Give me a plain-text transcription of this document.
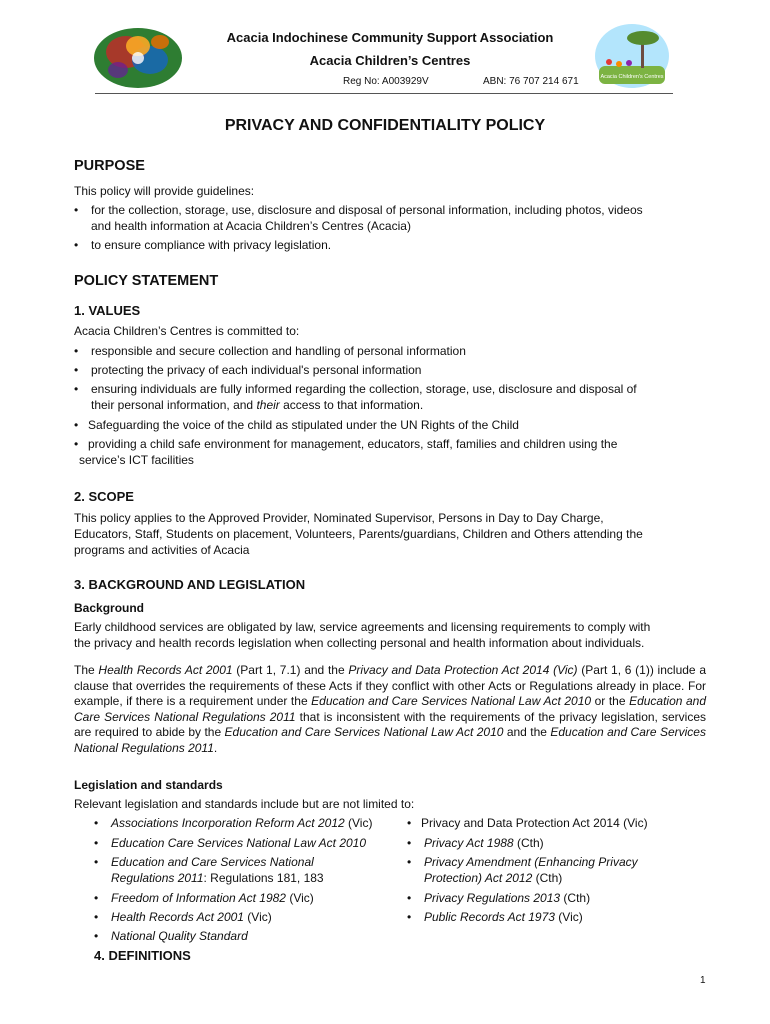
Acacia Indochinese Community Support Association
Acacia Children’s Centres
Reg No: A003929V	ABN: 76 707 214 671	Acacia Children's Centres
PRIVACY AND CONFIDENTIALITY POLICY
PURPOSE
This policy will provide guidelines:
• for the collection, storage, use, disclosure and disposal of personal information, including photos, videos
and health information at Acacia Children’s Centres (Acacia)
• to ensure compliance with privacy legislation.
POLICY STATEMENT
1. VALUES
Acacia Children’s Centres is committed to:
• responsible and secure collection and handling of personal information
• protecting the privacy of each individual's personal information
• ensuring individuals are fully informed regarding the collection, storage, use, disclosure and disposal of
their personal information, and their access to that information.
• Safeguarding the voice of the child as stipulated under the UN Rights of the Child
• providing a child safe environment for management, educators, staff, families and children using the
service’s ICT facilities
2. SCOPE
This policy applies to the Approved Provider, Nominated Supervisor, Persons in Day to Day Charge,
Educators, Staff, Students on placement, Volunteers, Parents/guardians, Children and Others attending the
programs and activities of Acacia
3. BACKGROUND AND LEGISLATION
Background
Early childhood services are obligated by law, service agreements and licensing requirements to comply with
the privacy and health records legislation when collecting personal and health information about individuals.
The Health Records Act 2001 (Part 1, 7.1) and the Privacy and Data Protection Act 2014 (Vic) (Part 1, 6 (1)) include a clause that overrides the requirements of these Acts if they conflict with other Acts or Regulations already in place. For example, if there is a requirement under the Education and Care Services National Law Act 2010 or the Education and Care Services National Regulations 2011 that is inconsistent with the requirements of the privacy legislation, services are required to abide by the Education and Care Services National Law Act 2010 and the Education and Care Services National Regulations 2011.
Legislation and standards
Relevant legislation and standards include but are not limited to:
• Associations Incorporation Reform Act 2012 (Vic)
• Education Care Services National Law Act 2010
• Education and Care Services National
Regulations 2011: Regulations 181, 183
• Freedom of Information Act 1982 (Vic)
• Health Records Act 2001 (Vic)
• National Quality Standard
• Privacy and Data Protection Act 2014 (Vic)
• Privacy Act 1988 (Cth)
• Privacy Amendment (Enhancing Privacy
Protection) Act 2012 (Cth)
• Privacy Regulations 2013 (Cth)
• Public Records Act 1973 (Vic)
4. DEFINITIONS
1
